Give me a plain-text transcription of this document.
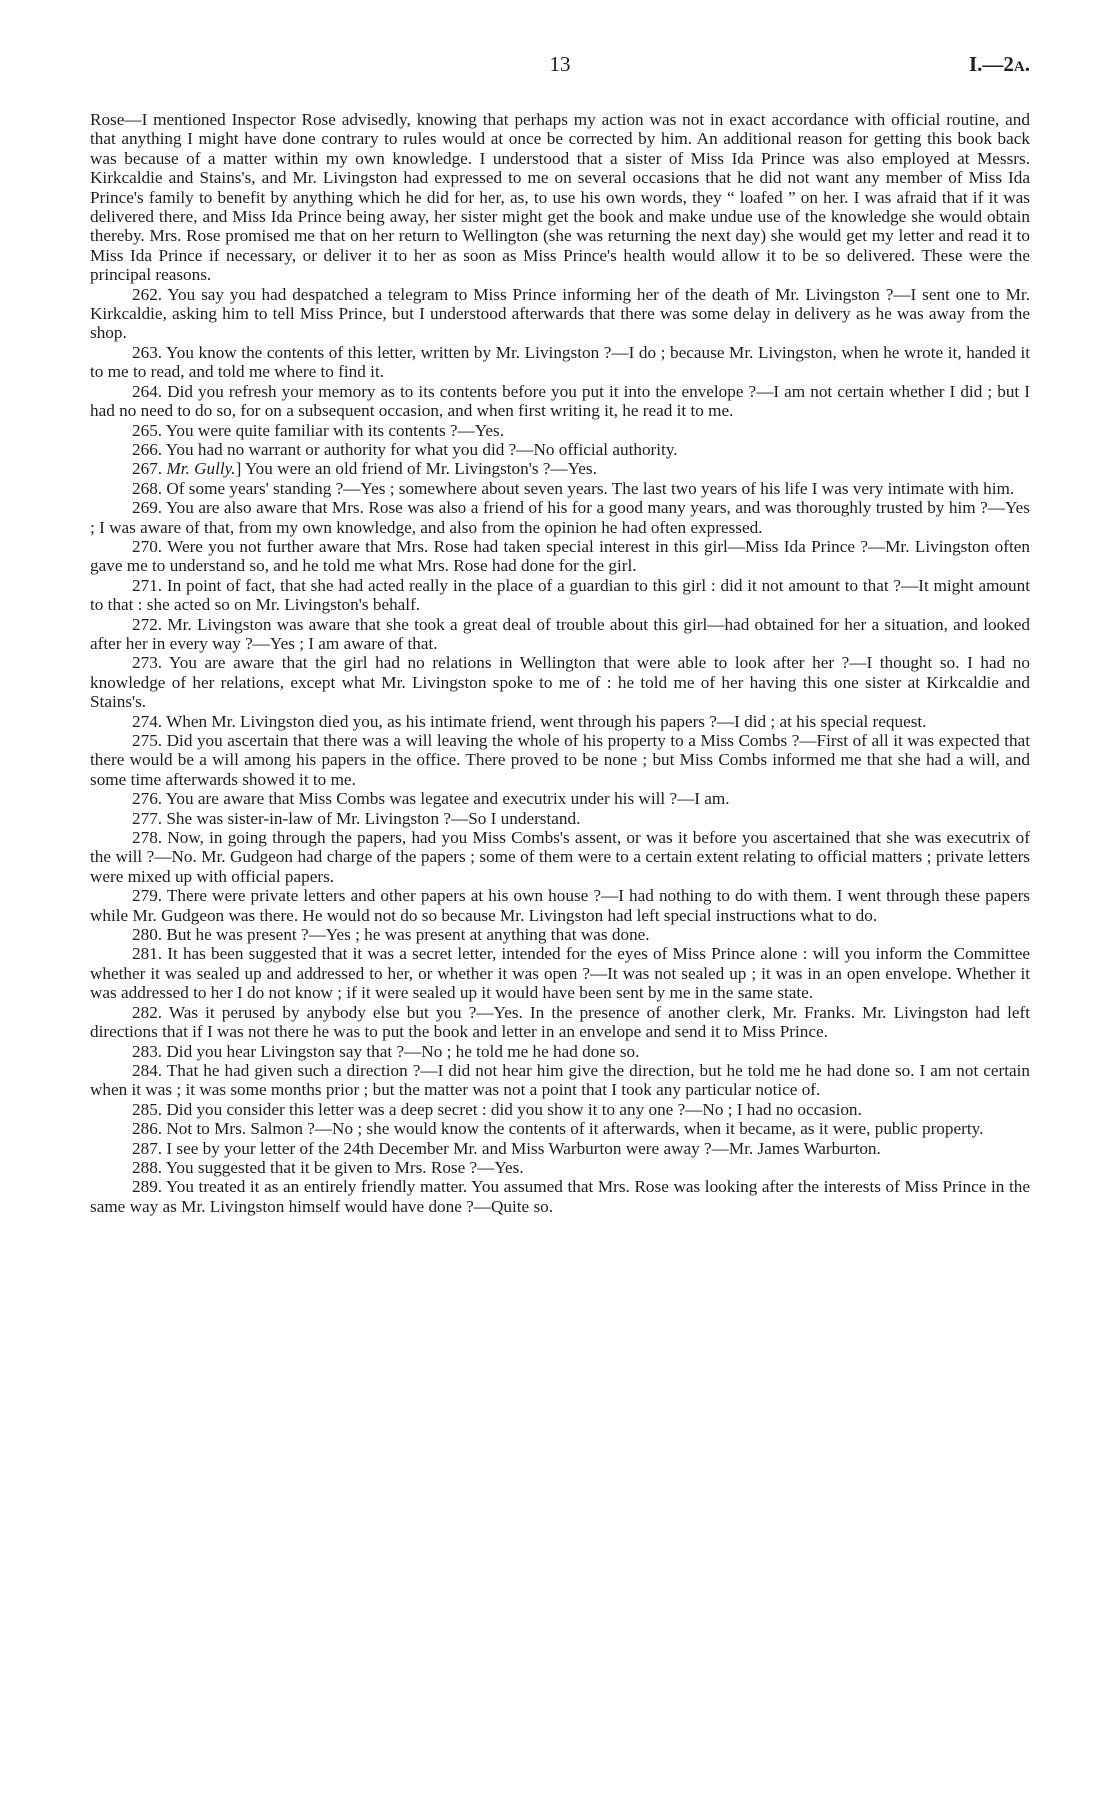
13	I.—2A.

Rose—I mentioned Inspector Rose advisedly, knowing that perhaps my action was not in exact accordance with official routine, and that anything I might have done contrary to rules would at once be corrected by him. An additional reason for getting this book back was because of a matter within my own knowledge. I understood that a sister of Miss Ida Prince was also employed at Messrs. Kirkcaldie and Stains's, and Mr. Livingston had expressed to me on several occasions that he did not want any member of Miss Ida Prince's family to benefit by anything which he did for her, as, to use his own words, they “ loafed ” on her. I was afraid that if it was delivered there, and Miss Ida Prince being away, her sister might get the book and make undue use of the knowledge she would obtain thereby. Mrs. Rose promised me that on her return to Wellington (she was returning the next day) she would get my letter and read it to Miss Ida Prince if necessary, or deliver it to her as soon as Miss Prince's health would allow it to be so delivered. These were the principal reasons.

262. You say you had despatched a telegram to Miss Prince informing her of the death of Mr. Livingston ?—I sent one to Mr. Kirkcaldie, asking him to tell Miss Prince, but I understood afterwards that there was some delay in delivery as he was away from the shop.

263. You know the contents of this letter, written by Mr. Livingston ?—I do ; because Mr. Livingston, when he wrote it, handed it to me to read, and told me where to find it.

264. Did you refresh your memory as to its contents before you put it into the envelope ?—I am not certain whether I did ; but I had no need to do so, for on a subsequent occasion, and when first writing it, he read it to me.

265. You were quite familiar with its contents ?—Yes.

266. You had no warrant or authority for what you did ?—No official authority.

267. Mr. Gully.] You were an old friend of Mr. Livingston's ?—Yes.

268. Of some years' standing ?—Yes ; somewhere about seven years. The last two years of his life I was very intimate with him.

269. You are also aware that Mrs. Rose was also a friend of his for a good many years, and was thoroughly trusted by him ?—Yes ; I was aware of that, from my own knowledge, and also from the opinion he had often expressed.

270. Were you not further aware that Mrs. Rose had taken special interest in this girl—Miss Ida Prince ?—Mr. Livingston often gave me to understand so, and he told me what Mrs. Rose had done for the girl.

271. In point of fact, that she had acted really in the place of a guardian to this girl : did it not amount to that ?—It might amount to that : she acted so on Mr. Livingston's behalf.

272. Mr. Livingston was aware that she took a great deal of trouble about this girl—had obtained for her a situation, and looked after her in every way ?—Yes ; I am aware of that.

273. You are aware that the girl had no relations in Wellington that were able to look after her ?—I thought so. I had no knowledge of her relations, except what Mr. Livingston spoke to me of : he told me of her having this one sister at Kirkcaldie and Stains's.

274. When Mr. Livingston died you, as his intimate friend, went through his papers ?—I did ; at his special request.

275. Did you ascertain that there was a will leaving the whole of his property to a Miss Combs ?—First of all it was expected that there would be a will among his papers in the office. There proved to be none ; but Miss Combs informed me that she had a will, and some time afterwards showed it to me.

276. You are aware that Miss Combs was legatee and executrix under his will ?—I am.

277. She was sister-in-law of Mr. Livingston ?—So I understand.

278. Now, in going through the papers, had you Miss Combs's assent, or was it before you ascertained that she was executrix of the will ?—No. Mr. Gudgeon had charge of the papers ; some of them were to a certain extent relating to official matters ; private letters were mixed up with official papers.

279. There were private letters and other papers at his own house ?—I had nothing to do with them. I went through these papers while Mr. Gudgeon was there. He would not do so because Mr. Livingston had left special instructions what to do.

280. But he was present ?—Yes ; he was present at anything that was done.

281. It has been suggested that it was a secret letter, intended for the eyes of Miss Prince alone : will you inform the Committee whether it was sealed up and addressed to her, or whether it was open ?—It was not sealed up ; it was in an open envelope. Whether it was addressed to her I do not know ; if it were sealed up it would have been sent by me in the same state.

282. Was it perused by anybody else but you ?—Yes. In the presence of another clerk, Mr. Franks. Mr. Livingston had left directions that if I was not there he was to put the book and letter in an envelope and send it to Miss Prince.

283. Did you hear Livingston say that ?—No ; he told me he had done so.

284. That he had given such a direction ?—I did not hear him give the direction, but he told me he had done so. I am not certain when it was ; it was some months prior ; but the matter was not a point that I took any particular notice of.

285. Did you consider this letter was a deep secret : did you show it to any one ?—No ; I had no occasion.

286. Not to Mrs. Salmon ?—No ; she would know the contents of it afterwards, when it became, as it were, public property.

287. I see by your letter of the 24th December Mr. and Miss Warburton were away ?—Mr. James Warburton.

288. You suggested that it be given to Mrs. Rose ?—Yes.

289. You treated it as an entirely friendly matter. You assumed that Mrs. Rose was looking after the interests of Miss Prince in the same way as Mr. Livingston himself would have done ?—Quite so.
